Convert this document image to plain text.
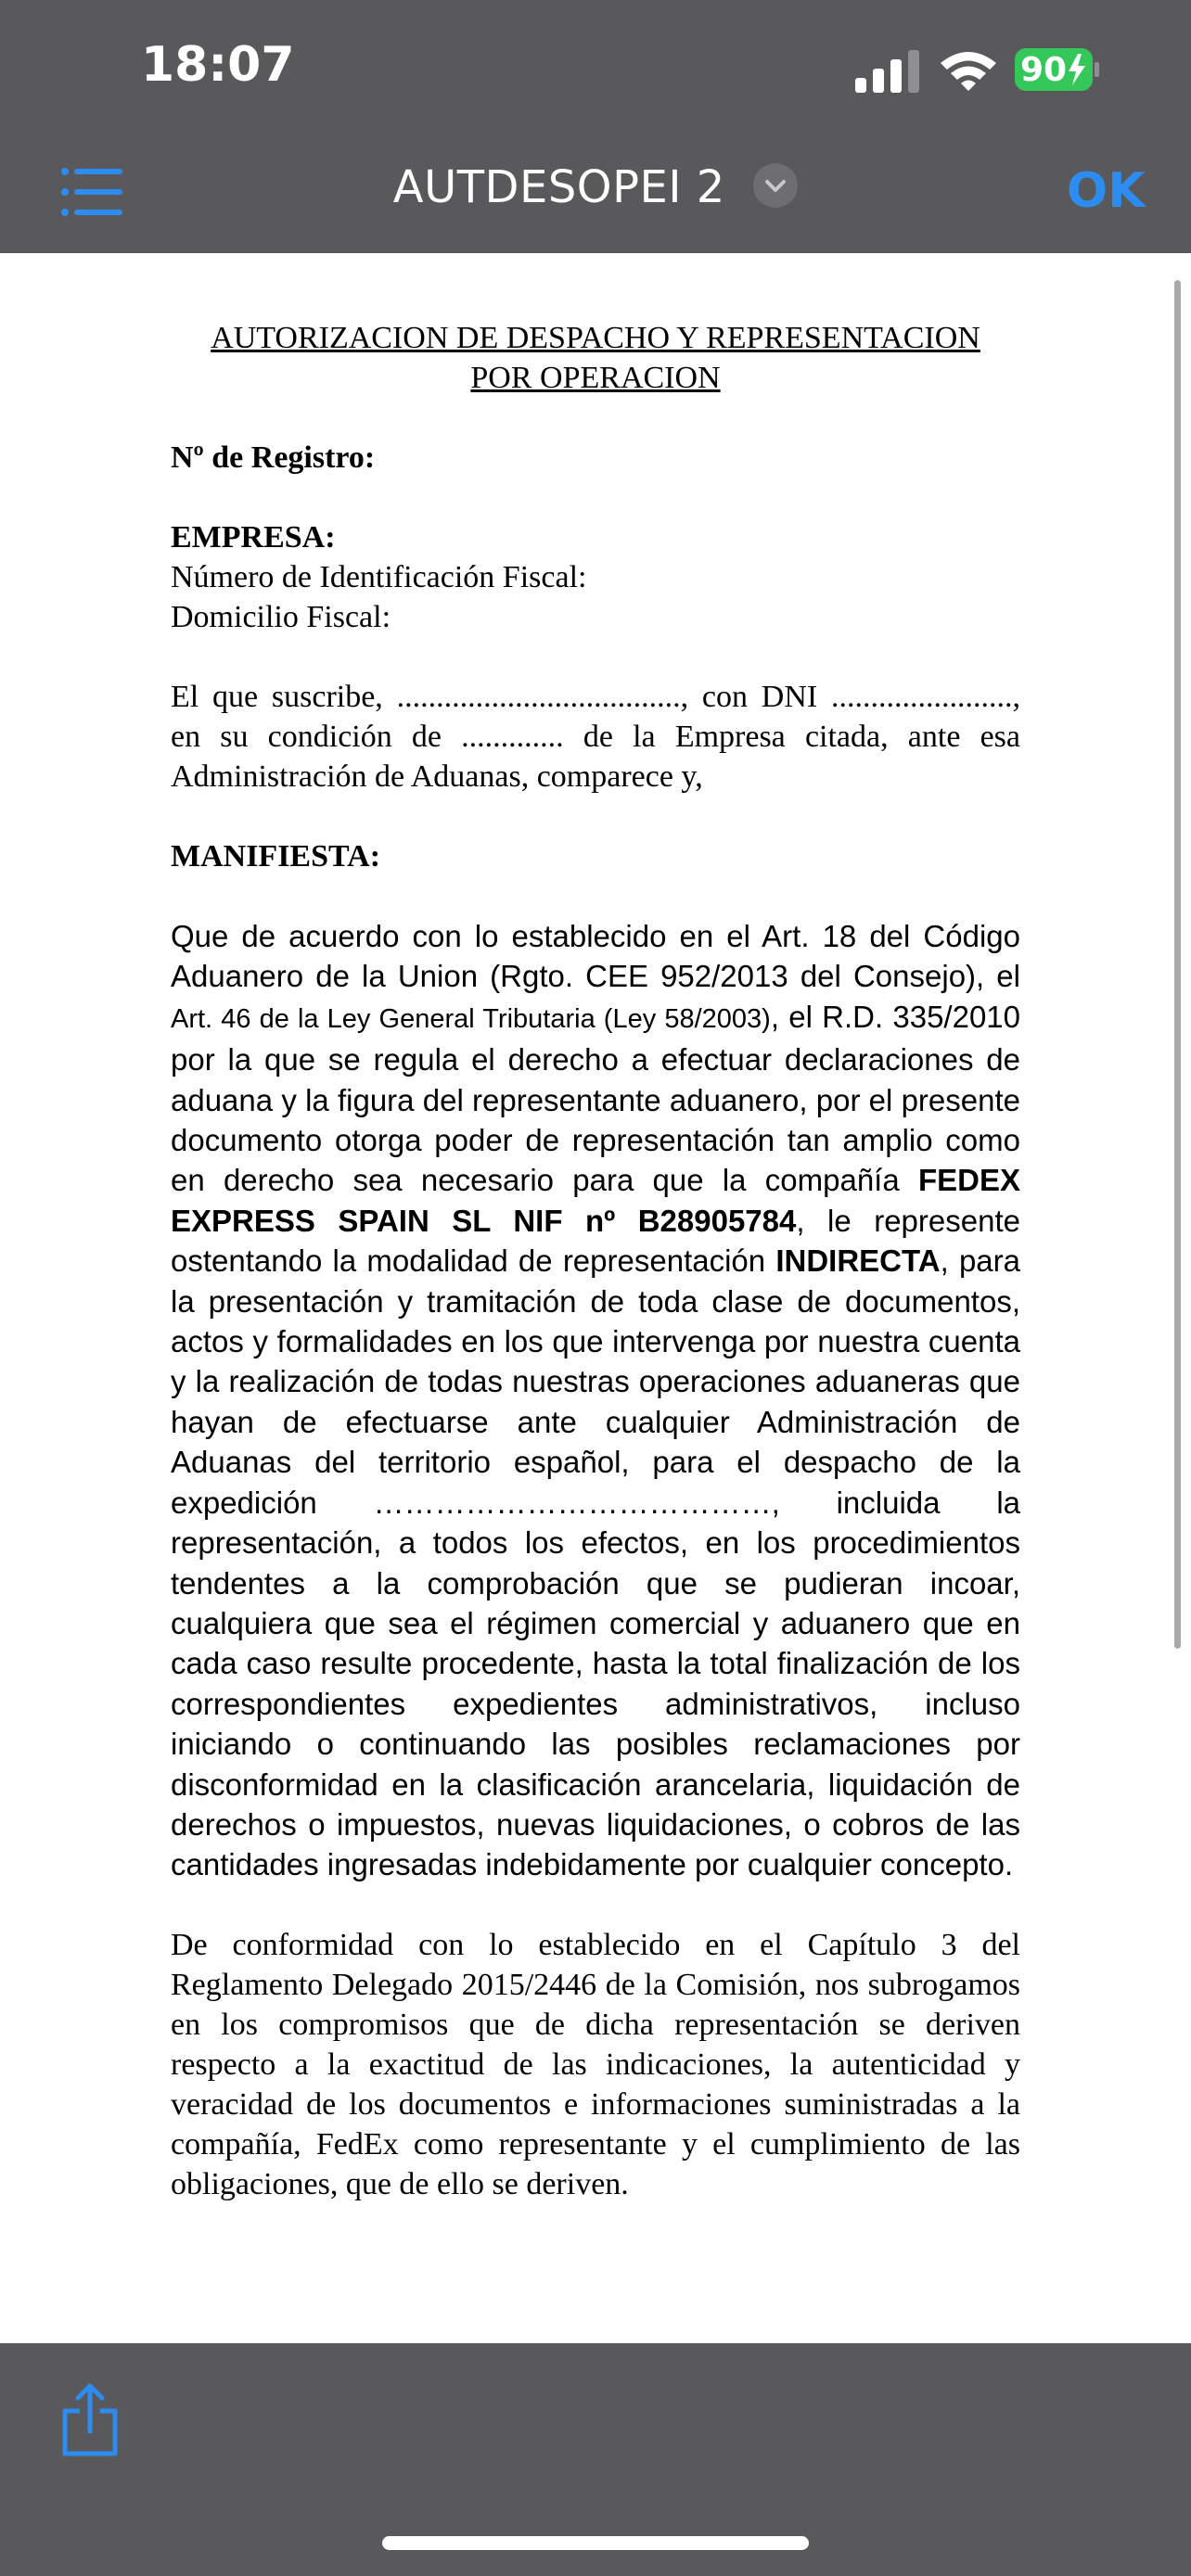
18:07	90
AUTDESOPEI 2	OK

AUTORIZACION DE DESPACHO Y REPRESENTACION
POR OPERACION

Nº de Registro:

EMPRESA:

Número de Identificación Fiscal:

Domicilio Fiscal:

El que suscribe, ...................................., con DNI ......................., en su condición de ............. de la Empresa citada, ante esa Administración de Aduanas, comparece y,

MANIFIESTA:

Que de acuerdo con lo establecido en el Art. 18 del Código Aduanero de la Union (Rgto. CEE 952/2013 del Consejo), el Art. 46 de la Ley General Tributaria (Ley 58/2003), el R.D. 335/2010 por la que se regula el derecho a efectuar declaraciones de aduana y la figura del representante aduanero, por el presente documento otorga poder de representación tan amplio como en derecho sea necesario para que la compañía FEDEX EXPRESS SPAIN SL NIF nº B28905784, le represente ostentando la modalidad de representación INDIRECTA, para la presentación y tramitación de toda clase de documentos, actos y formalidades en los que intervenga por nuestra cuenta y la realización de todas nuestras operaciones aduaneras que hayan de efectuarse ante cualquier Administración de Aduanas del territorio español, para el despacho de la expedición …………………………………, incluida la representación, a todos los efectos, en los procedimientos tendentes a la comprobación que se pudieran incoar, cualquiera que sea el régimen comercial y aduanero que en cada caso resulte procedente, hasta la total finalización de los correspondientes expedientes administrativos, incluso iniciando o continuando las posibles reclamaciones por disconformidad en la clasificación arancelaria, liquidación de derechos o impuestos, nuevas liquidaciones, o cobros de las cantidades ingresadas indebidamente por cualquier concepto.

De conformidad con lo establecido en el Capítulo 3 del Reglamento Delegado 2015/2446 de la Comisión, nos subrogamos en los compromisos que de dicha representación se deriven respecto a la exactitud de las indicaciones, la autenticidad y veracidad de los documentos e informaciones suministradas a la compañía, FedEx como representante y el cumplimiento de las obligaciones, que de ello se deriven.
